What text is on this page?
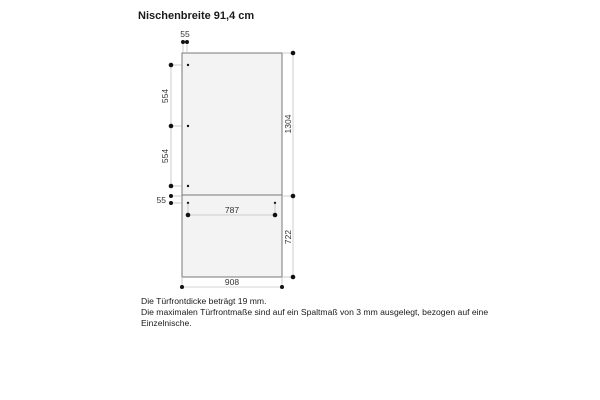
Nischenbreite 91,4 cm
55
554
554
55
787
1304
722
908
Die Türfrontdicke beträgt 19 mm.
Die maximalen Türfrontmaße sind auf ein Spaltmaß von 3 mm ausgelegt, bezogen auf eine Einzelnische.
